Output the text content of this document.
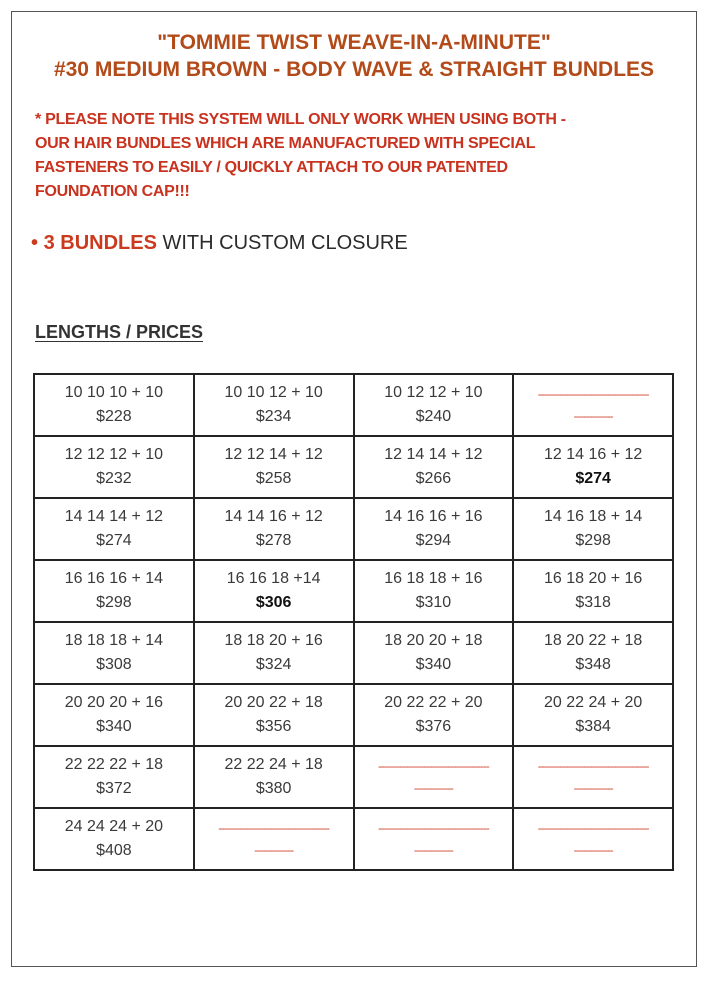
"TOMMIE TWIST WEAVE-IN-A-MINUTE"
#30 MEDIUM BROWN - BODY WAVE & STRAIGHT BUNDLES
* PLEASE NOTE THIS SYSTEM WILL ONLY WORK WHEN USING BOTH -
OUR HAIR BUNDLES WHICH ARE MANUFACTURED WITH SPECIAL
FASTENERS TO EASILY / QUICKLY ATTACH TO OUR PATENTED
FOUNDATION CAP!!!
• 3 BUNDLES WITH CUSTOM CLOSURE
LENGTHS / PRICES
10 10 10 + 10
$228	10 10 12 + 10
$234	10 12 12 + 10
$240	-------------------------------------
-------------

12 12 12 + 10
$232	12 12 14 + 12
$258	12 14 14 + 12
$266	12 14 16 + 12
$274

14 14 14 + 12
$274	14 14 16 + 12
$278	14 16 16 + 16
$294	14 16 18 + 14
$298

16 16 16 + 14
$298	16 16 18 +14
$306	16 18 18 + 16
$310	16 18 20 + 16
$318

18 18 18 + 14
$308	18 18 20 + 16
$324	18 20 20 + 18
$340	18 20 22 + 18
$348

20 20 20 + 16
$340	20 20 22 + 18
$356	20 22 22 + 20
$376	20 22 24 + 20
$384

22 22 22 + 18
$372	22 22 24 + 18
$380	-------------------------------------
-------------	-------------------------------------
-------------

24 24 24 + 20
$408	-------------------------------------
-------------	-------------------------------------
-------------	-------------------------------------
-------------
